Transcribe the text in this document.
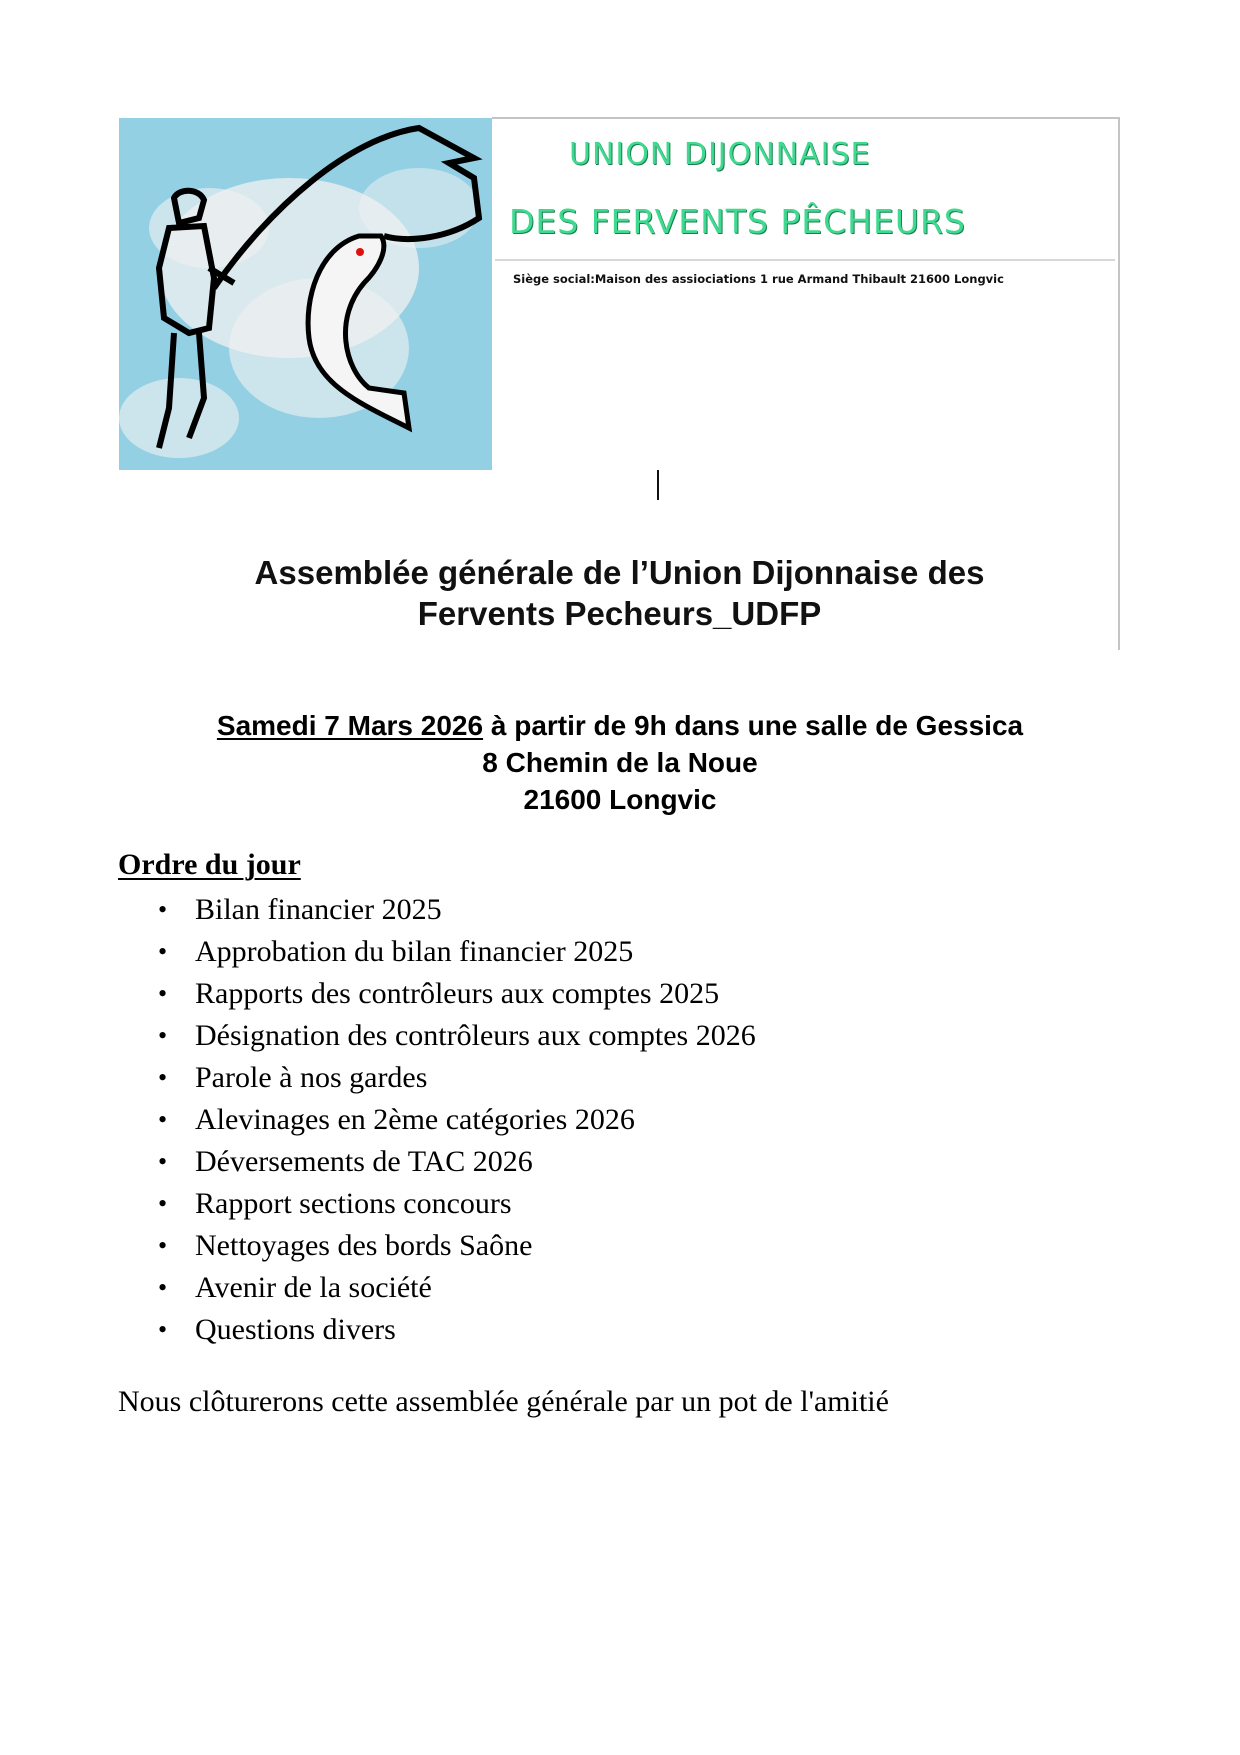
UNION DIJONNAISE
DES FERVENTS PÊCHEURS
Siège social:Maison des assiociations 1 rue Armand Thibault 21600 Longvic
Assemblée générale de l’Union Dijonnaise des
Fervents Pecheurs_UDFP
Samedi 7 Mars 2026 à partir de 9h dans une salle de Gessica
8 Chemin de la Noue
21600 Longvic
Ordre du jour
• Bilan financier 2025
• Approbation du bilan financier 2025
• Rapports des contrôleurs aux comptes 2025
• Désignation des contrôleurs aux comptes 2026
• Parole à nos gardes
• Alevinages en 2ème catégories 2026
• Déversements de TAC 2026
• Rapport sections concours
• Nettoyages des bords Saône
• Avenir de la société
• Questions divers
Nous clôturerons cette assemblée générale par un pot de l'amitié
